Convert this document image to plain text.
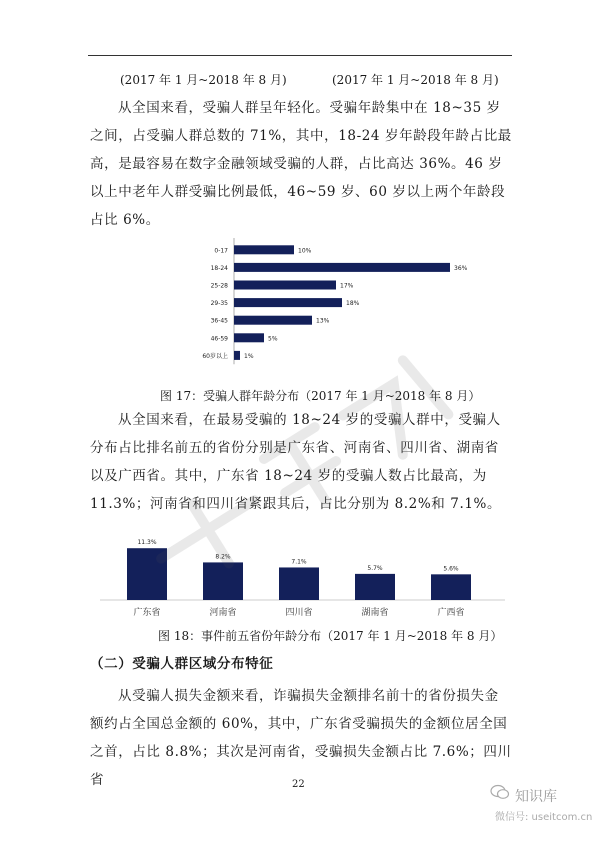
(2017 年 1 月~2018 年 8 月)	(2017 年 1 月~2018 年 8 月)

从全国来看，受骗人群呈年轻化。受骗年龄集中在 18~35 岁之间，占受骗人群总数的 71%，其中，18-24 岁年龄段年龄占比最高，是最容易在数字金融领域受骗的人群，占比高达 36%。46 岁以上中老年人群受骗比例最低，46~59 岁、60 岁以上两个年龄段占比 6%。

0-17	10%
18-24	36%
25-28	17%
29-35	18%
36-45	13%
46-59	5%
60岁以上	1%
图 17：受骗人群年龄分布（2017 年 1 月~2018 年 8 月）

从全国来看，在最易受骗的 18~24 岁的受骗人群中，受骗人分布占比排名前五的省份分别是广东省、河南省、四川省、湖南省以及广西省。其中，广东省 18~24 岁的受骗人数占比最高，为 11.3%；河南省和四川省紧跟其后，占比分别为 8.2%和 7.1%。

11.3%
广东省
8.2%
河南省
7.1%
四川省
5.7%
湖南省
5.6%
广西省
图 18：事件前五省份年龄分布（2017 年 1 月~2018 年 8 月）
（二）受骗人群区域分布特征

从受骗人损失金额来看，诈骗损失金额排名前十的省份损失金额约占全国总金额的 60%，其中，广东省受骗损失的金额位居全国之首，占比 8.8%；其次是河南省，受骗损失金额占比 7.6%；四川省	22
知识库
微信号: useitcom.cn
